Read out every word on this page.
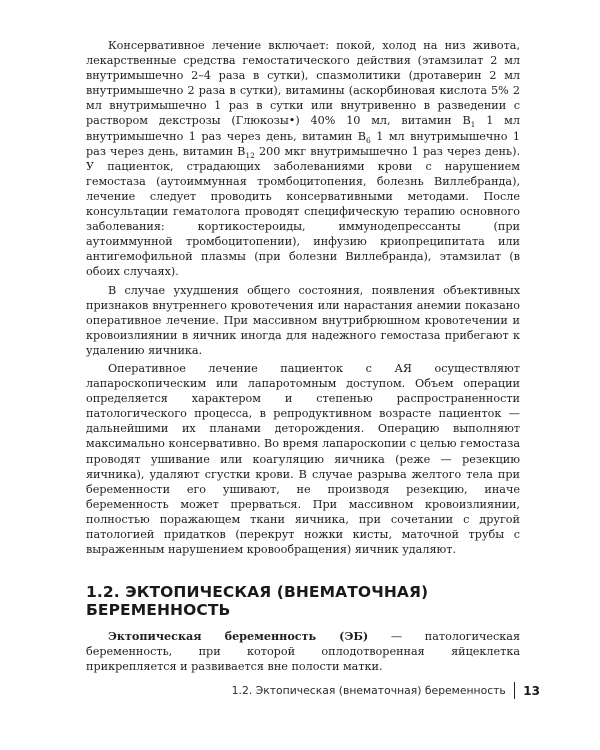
Консервативное лечение включает: покой, холод на низ живота, лекарственные средства гемостатического действия (этамзилат 2 мл внутримышечно 2–4 раза в сутки), спазмолитики (дротаверин 2 мл внутримышечно 2 раза в сутки), витамины (аскорбиновая кислота 5% 2 мл внутримышечно 1 раз в сутки или внутривенно в разведении с раствором декстрозы (Глюкозы•) 40% 10 мл, витамин $В_1$ 1 мл внутримышечно 1 раз через день, витамин $В_6$ 1 мл внутримышечно 1 раз через день, витамин $В_{12}$ 200 мкг внутримышечно 1 раз через день). У пациенток, страдающих заболеваниями крови с нарушением гемостаза (аутоиммунная тромбоцитопения, болезнь Виллебранда), лечение следует проводить консервативными методами. После консультации гематолога проводят специфическую терапию основного заболевания: кортикостероиды, иммунодепрессанты (при аутоиммунной тромбоцитопении), инфузию криопреципитата или антигемофильной плазмы (при болезни Виллебранда), этамзилат (в обоих случаях).

В случае ухудшения общего состояния, появления объективных признаков внутреннего кровотечения или нарастания анемии показано оперативное лечение. При массивном внутрибрюшном кровотечении и кровоизлиянии в яичник иногда для надежного гемостаза прибегают к удалению яичника.

Оперативное лечение пациенток с АЯ осуществляют лапароскопическим или лапаротомным доступом. Объем операции определяется характером и степенью распространенности патологического процесса, в репродуктивном возрасте пациенток — дальнейшими их планами деторождения. Операцию выполняют максимально консервативно. Во время лапароскопии с целью гемостаза проводят ушивание или коагуляцию яичника (реже — резекцию яичника), удаляют сгустки крови. В случае разрыва желтого тела при беременности его ушивают, не производя резекцию, иначе беременность может прерваться. При массивном кровоизлиянии, полностью поражающем ткани яичника, при сочетании с другой патологией придатков (перекрут ножки кисты, маточной трубы с выраженным нарушением кровообращения) яичник удаляют.

1.2. ЭКТОПИЧЕСКАЯ (ВНЕМАТОЧНАЯ) БЕРЕМЕННОСТЬ

Эктопическая беременность (ЭБ) — патологическая беременность, при которой оплодотворенная яйцеклетка прикрепляется и развивается вне полости матки.

1.2. Эктопическая (внематочная) беременность 13
